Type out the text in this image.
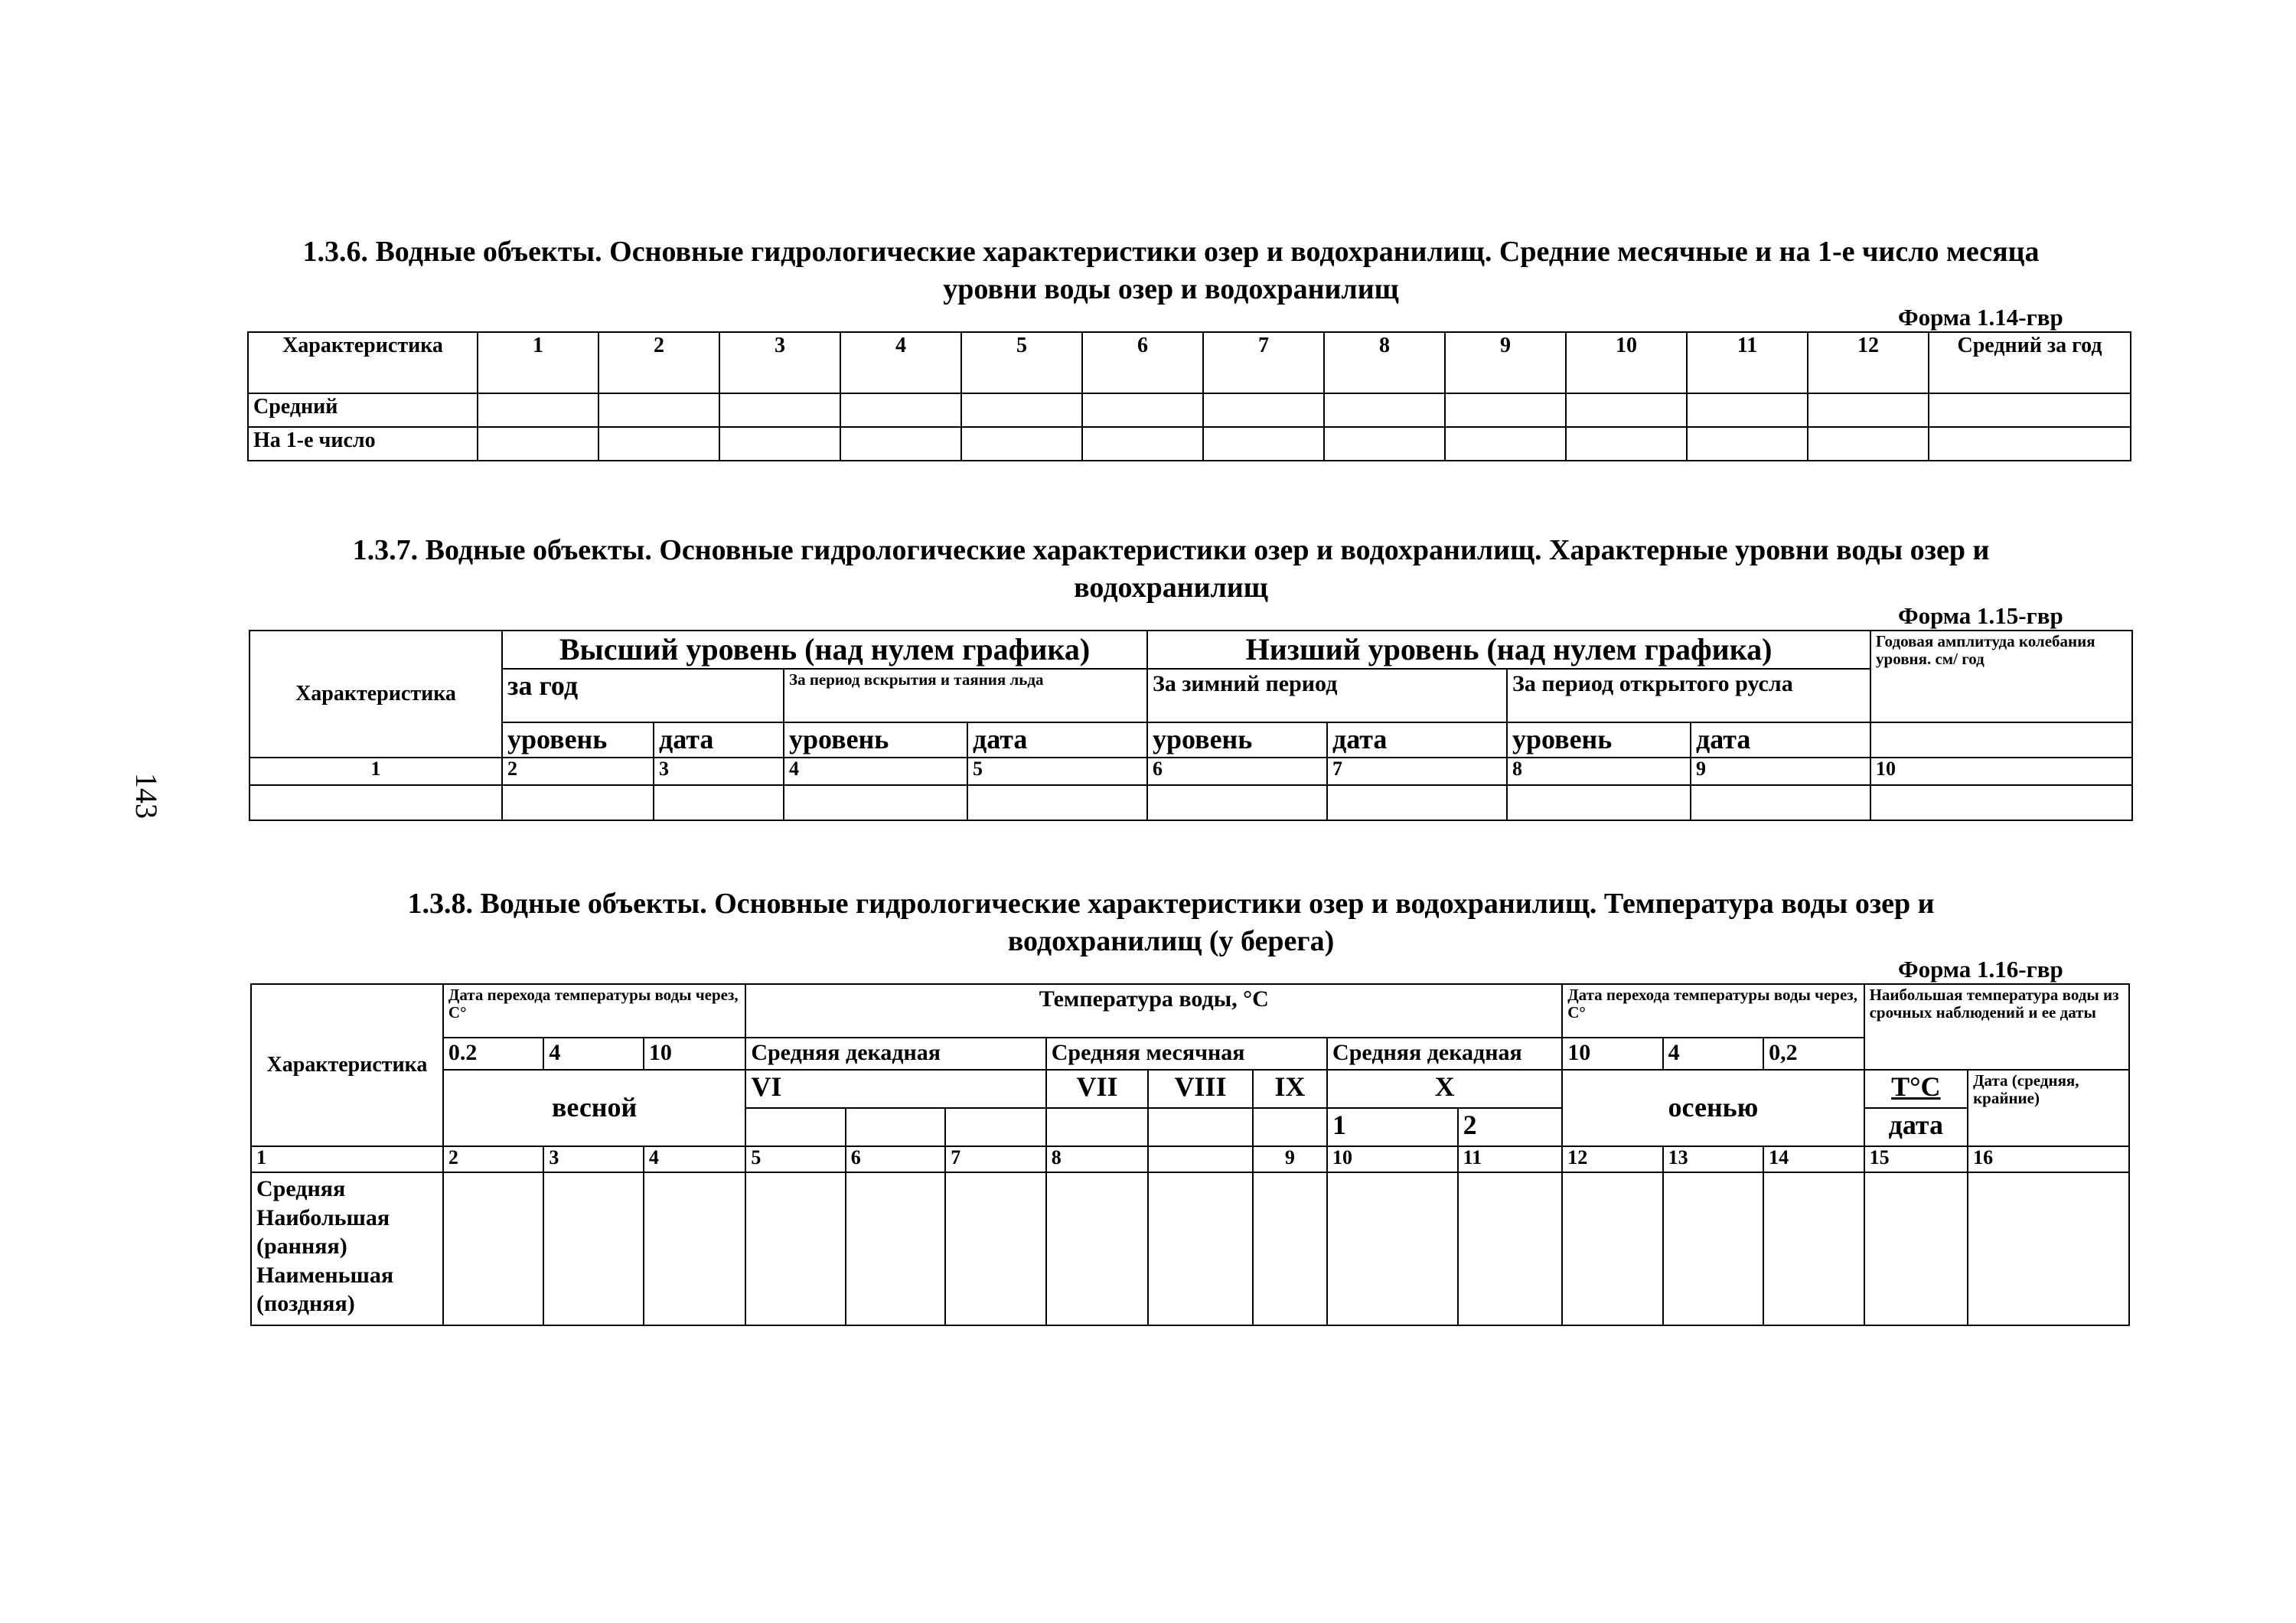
143
1.3.6. Водные объекты. Основные гидрологические характеристики озер и водохранилищ. Средние месячные и на 1-е число месяца уровни воды озер и водохранилищ
Форма 1.14-гвр
Характеристика	1	2	3	4	5	6	7	8	9	10	11	12	Средний за год
Средний													
На 1-е число													
1.3.7. Водные объекты. Основные гидрологические характеристики озер и водохранилищ. Характерные уровни воды озер и водохранилищ
Форма 1.15-гвр
Характеристика	Высший уровень (над нулем графика)				Низший уровень (над нулем графика)				Годовая амплитуда колебания уровня. см/ год
	за год		За период вскрытия и таяния льда		За зимний период		За период открытого русла		
	уровень	дата	уровень	дата	уровень	дата	уровень	дата	
1	2	3	4	5	6	7	8	9	10

1.3.8. Водные объекты. Основные гидрологические характеристики озер и водохранилищ. Температура воды озер и водохранилищ (у берега)
Форма 1.16-гвр
Характеристика	Дата перехода температуры воды через, С°			Температура воды, °С								Дата перехода температуры воды через, С°			Наибольшая температура воды из срочных наблюдений и ее даты	
	0.2	4	10	Средняя декадная			Средняя месячная			Средняя декадная		10	4	0,2		
	весной			VI			VII	VIII	IX	X		осенью			T°C	Дата (средняя, крайние)
										1	2				дата	
1	2	3	4	5	6	7	8		9	10	11	12	13	14	15	16

Средняя
Наибольшая (ранняя)
Наименьшая (поздняя)																
